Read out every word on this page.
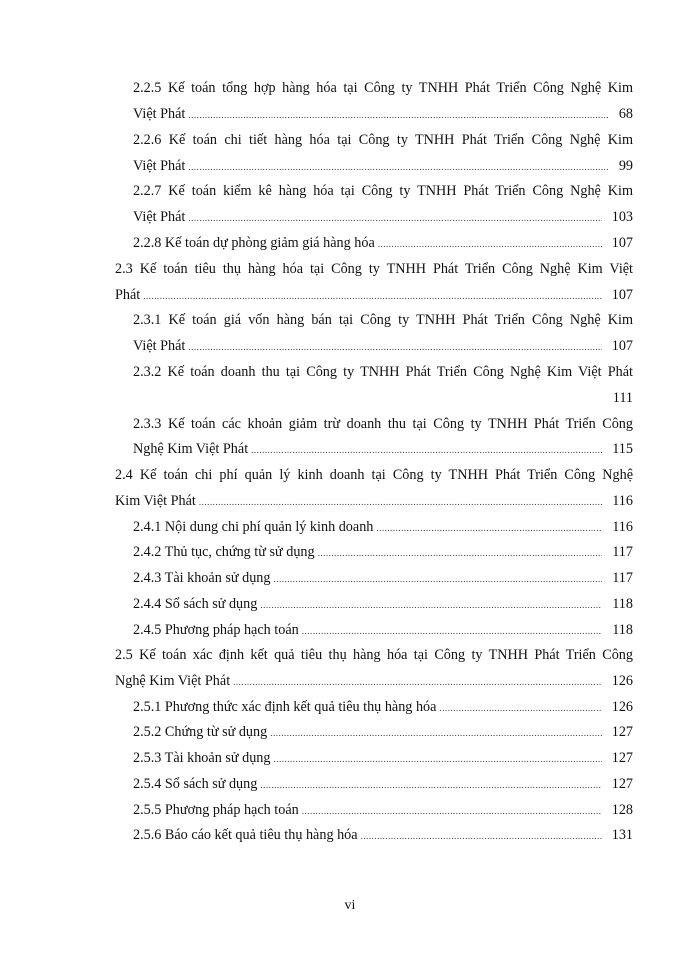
2.2.5 Kế toán tổng hợp hàng hóa tại Công ty TNHH Phát Triển Công Nghệ Kim
Việt Phát .....	68
2.2.6 Kế toán chi tiết hàng hóa tại Công ty TNHH Phát Triển Công Nghệ Kim
Việt Phát .....	99
2.2.7 Kế toán kiểm kê hàng hóa tại Công ty TNHH Phát Triển Công Nghệ Kim
Việt Phát .....	103
2.2.8 Kế toán dự phòng giảm giá hàng hóa .....	107
2.3 Kế toán tiêu thụ hàng hóa tại Công ty TNHH Phát Triển Công Nghệ Kim Việt
Phát .....	107
2.3.1 Kế toán giá vốn hàng bán tại Công ty TNHH Phát Triển Công Nghệ Kim
Việt Phát .....	107
2.3.2 Kế toán doanh thu tại Công ty TNHH Phát Triển Công Nghệ Kim Việt Phát
111
2.3.3 Kế toán các khoản giảm trừ doanh thu tại Công ty TNHH Phát Triển Công
Nghệ Kim Việt Phát .....	115
2.4 Kế toán chi phí quản lý kinh doanh tại Công ty TNHH Phát Triển Công Nghệ
Kim Việt Phát .....	116
2.4.1 Nội dung chi phí quản lý kinh doanh .....	116
2.4.2 Thủ tục, chứng từ sử dụng .....	117
2.4.3 Tài khoản sử dụng .....	117
2.4.4 Sổ sách sử dụng .....	118
2.4.5 Phương pháp hạch toán .....	118
2.5 Kế toán xác định kết quả tiêu thụ hàng hóa tại Công ty TNHH Phát Triển Công
Nghệ Kim Việt Phát .....	126
2.5.1 Phương thức xác định kết quả tiêu thụ hàng hóa .....	126
2.5.2 Chứng từ sử dụng .....	127
2.5.3 Tài khoản sử dụng .....	127
2.5.4 Sổ sách sử dụng .....	127
2.5.5 Phương pháp hạch toán .....	128
2.5.6 Báo cáo kết quả tiêu thụ hàng hóa .....	131
vi
